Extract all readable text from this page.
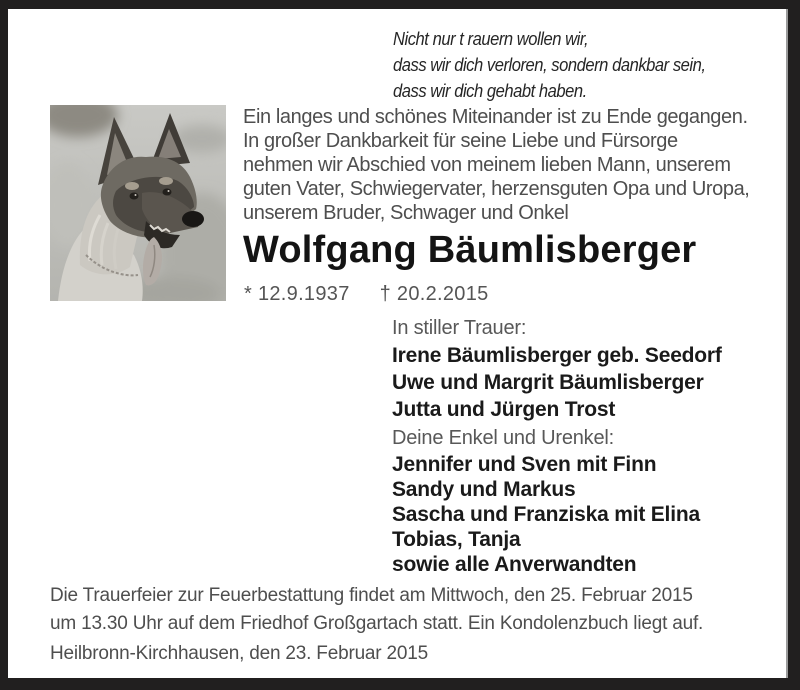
Nicht nur t rauern wollen wir,
dass wir dich verloren, sondern dankbar sein,
dass wir dich gehabt haben.
Ein langes und schönes Miteinander ist zu Ende gegangen.
In großer Dankbarkeit für seine Liebe und Fürsorge
nehmen wir Abschied von meinem lieben Mann, unserem
guten Vater, Schwiegervater, herzensguten Opa und Uropa,
unserem Bruder, Schwager und Onkel
Wolfgang Bäumlisberger
* 12.9.1937 † 20.2.2015
In stiller Trauer:
Irene Bäumlisberger geb. Seedorf
Uwe und Margrit Bäumlisberger
Jutta und Jürgen Trost
Deine Enkel und Urenkel:
Jennifer und Sven mit Finn
Sandy und Markus
Sascha und Franziska mit Elina
Tobias, Tanja
sowie alle Anverwandten
Die Trauerfeier zur Feuerbestattung findet am Mittwoch, den 25. Februar 2015
um 13.30 Uhr auf dem Friedhof Großgartach statt. Ein Kondolenzbuch liegt auf.
Heilbronn-Kirchhausen, den 23. Februar 2015
